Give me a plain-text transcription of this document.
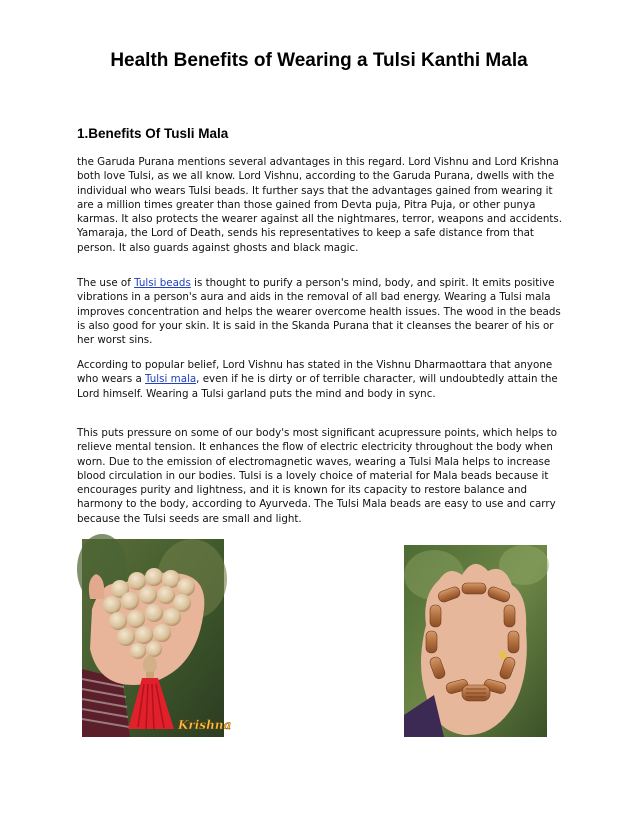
Health Benefits of Wearing a Tulsi Kanthi Mala
1.Benefits Of Tusli Mala

the Garuda Purana mentions several advantages in this regard. Lord Vishnu and Lord Krishna both love Tulsi, as we all know. Lord Vishnu, according to the Garuda Purana, dwells with the individual who wears Tulsi beads. It further says that the advantages gained from wearing it are a million times greater than those gained from Devta puja, Pitra Puja, or other punya karmas. It also protects the wearer against all the nightmares, terror, weapons and accidents. Yamaraja, the Lord of Death, sends his representatives to keep a safe distance from that person. It also guards against ghosts and black magic.

The use of Tulsi beads is thought to purify a person's mind, body, and spirit. It emits positive vibrations in a person's aura and aids in the removal of all bad energy. Wearing a Tulsi mala improves concentration and helps the wearer overcome health issues. The wood in the beads is also good for your skin. It is said in the Skanda Purana that it cleanses the bearer of his or her worst sins.

According to popular belief, Lord Vishnu has stated in the Vishnu Dharmaottara that anyone who wears a Tulsi mala, even if he is dirty or of terrible character, will undoubtedly attain the Lord himself. Wearing a Tulsi garland puts the mind and body in sync.

This puts pressure on some of our body's most significant acupressure points, which helps to relieve mental tension. It enhances the flow of electric electricity throughout the body when worn. Due to the emission of electromagnetic waves, wearing a Tulsi Mala helps to increase blood circulation in our bodies. Tulsi is a lovely choice of material for Mala beads because it encourages purity and lightness, and it is known for its capacity to restore balance and harmony to the body, according to Ayurveda. The Tulsi Mala beads are easy to use and carry because the Tulsi seeds are small and light.

Krishna
